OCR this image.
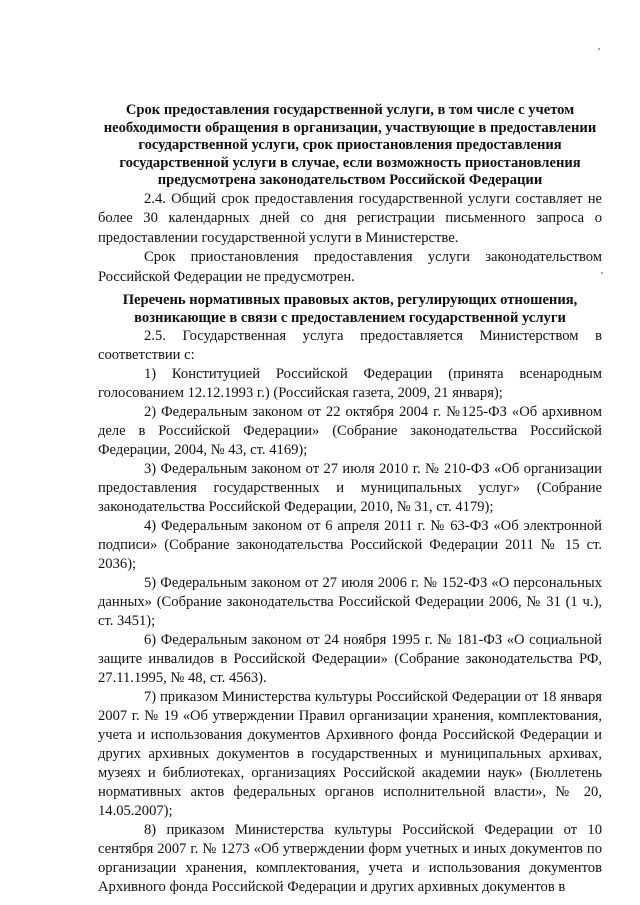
Срок предоставления государственной услуги, в том числе с учетом необходимости обращения в организации, участвующие в предоставлении государственной услуги, срок приостановления предоставления государственной услуги в случае, если возможность приостановления предусмотрена законодательством Российской Федерации

2.4. Общий срок предоставления государственной услуги составляет не более 30 календарных дней со дня регистрации письменного запроса о предоставлении государственной услуги в Министерстве.

Срок приостановления предоставления услуги законодательством Российской Федерации не предусмотрен.

Перечень нормативных правовых актов, регулирующих отношения, возникающие в связи с предоставлением государственной услуги

2.5. Государственная услуга предоставляется Министерством в соответствии с:

1) Конституцией Российской Федерации (принята всенародным голосованием 12.12.1993 г.) (Российская газета, 2009, 21 января);

2) Федеральным законом от 22 октября 2004 г. №125-ФЗ «Об архивном деле в Российской Федерации» (Собрание законодательства Российской Федерации, 2004, № 43, ст. 4169);

3) Федеральным законом от 27 июля 2010 г. № 210-ФЗ «Об организации предоставления государственных и муниципальных услуг» (Собрание законодательства Российской Федерации, 2010, № 31, ст. 4179);

4) Федеральным законом от 6 апреля 2011 г. № 63-ФЗ «Об электронной подписи» (Собрание законодательства Российской Федерации 2011 № 15 ст. 2036);

5) Федеральным законом от 27 июля 2006 г. № 152-ФЗ «О персональных данных» (Собрание законодательства Российской Федерации 2006, № 31 (1 ч.), ст. 3451);

6) Федеральным законом от 24 ноября 1995 г. № 181-ФЗ «О социальной защите инвалидов в Российской Федерации» (Собрание законодательства РФ, 27.11.1995, № 48, ст. 4563).

7) приказом Министерства культуры Российской Федерации от 18 января 2007 г. № 19 «Об утверждении Правил организации хранения, комплектования, учета и использования документов Архивного фонда Российской Федерации и других архивных документов в государственных и муниципальных архивах, музеях и библиотеках, организациях Российской академии наук» (Бюллетень нормативных актов федеральных органов исполнительной власти», № 20, 14.05.2007);

8) приказом Министерства культуры Российской Федерации от 10 сентября 2007 г. № 1273 «Об утверждении форм учетных и иных документов по организации хранения, комплектования, учета и использования документов Архивного фонда Российской Федерации и других архивных документов в
